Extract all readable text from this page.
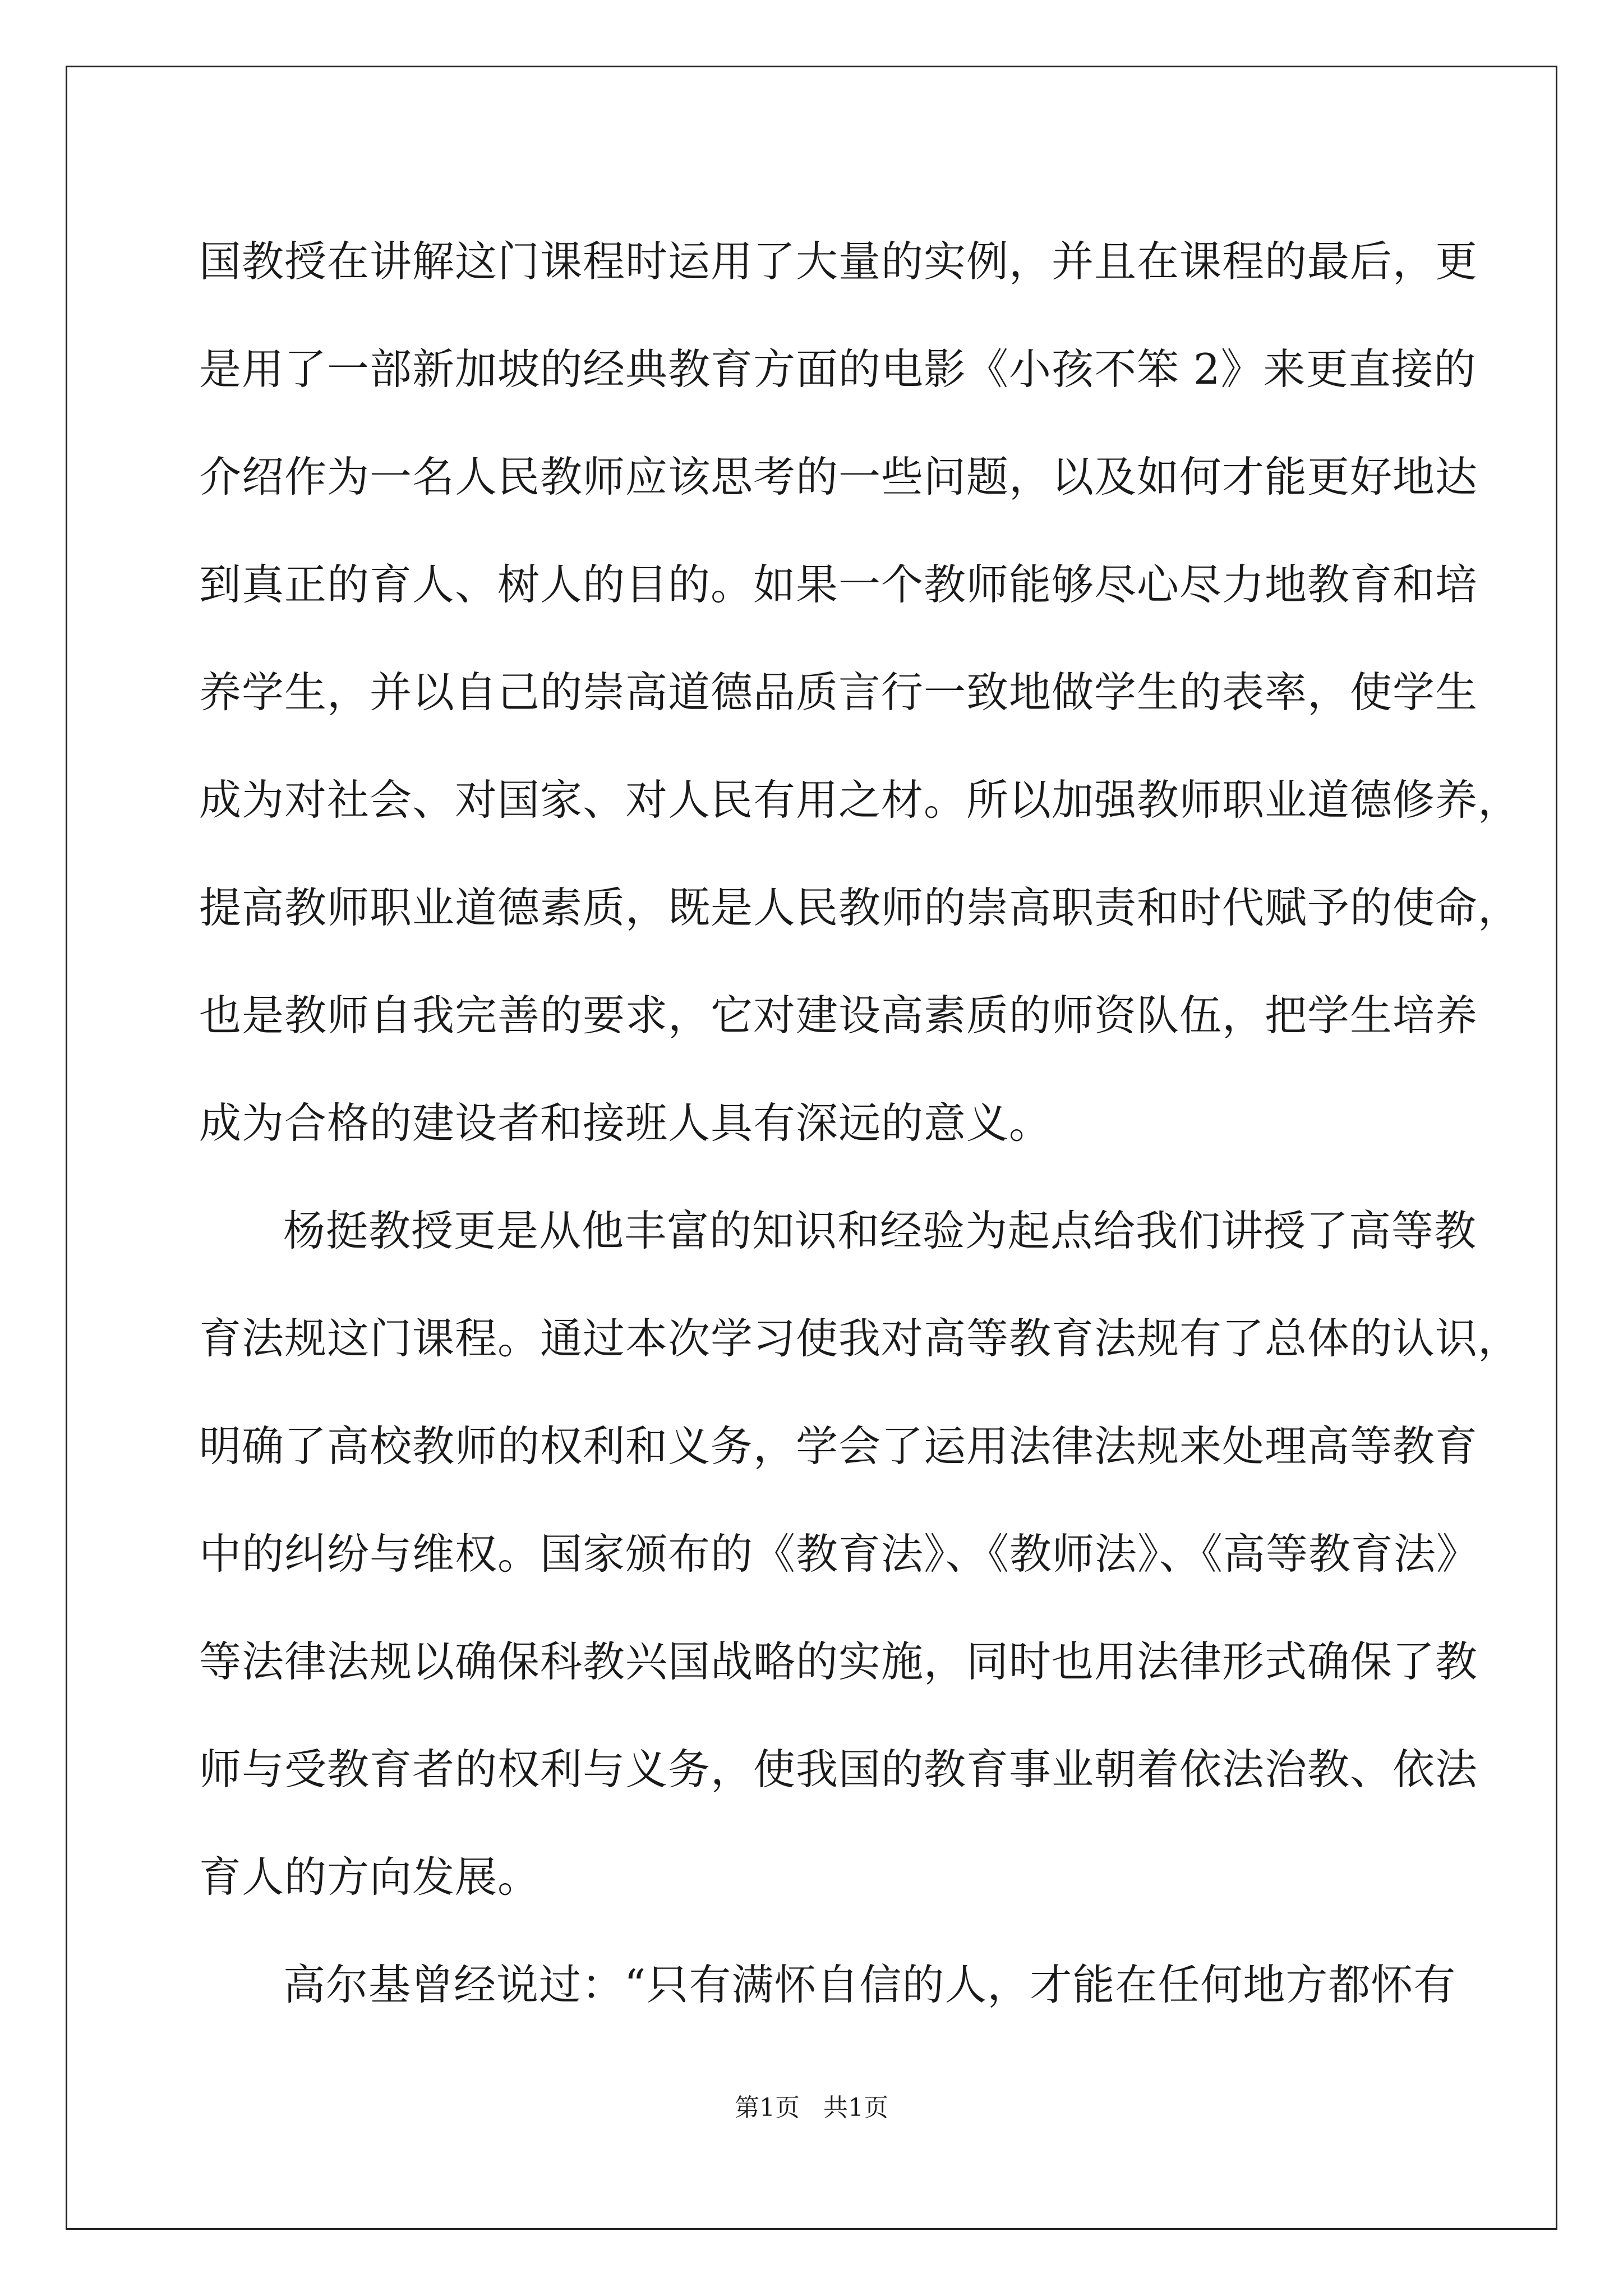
国教授在讲解这门课程时运用了大量的实例，并且在课程的最后，更
是用了一部新加坡的经典教育方面的电影《小孩不笨 2》来更直接的
介绍作为一名人民教师应该思考的一些问题，以及如何才能更好地达
到真正的育人、树人的目的。如果一个教师能够尽心尽力地教育和培
养学生，并以自己的崇高道德品质言行一致地做学生的表率，使学生
成为对社会、对国家、对人民有用之材。所以加强教师职业道德修养，
提高教师职业道德素质，既是人民教师的崇高职责和时代赋予的使命，
也是教师自我完善的要求，它对建设高素质的师资队伍，把学生培养
成为合格的建设者和接班人具有深远的意义。
杨挺教授更是从他丰富的知识和经验为起点给我们讲授了高等教
育法规这门课程。通过本次学习使我对高等教育法规有了总体的认识，
明确了高校教师的权利和义务，学会了运用法律法规来处理高等教育
中的纠纷与维权。国家颁布的《教育法》、《教师法》、《高等教育法》
等法律法规以确保科教兴国战略的实施，同时也用法律形式确保了教
师与受教育者的权利与义务，使我国的教育事业朝着依法治教、依法
育人的方向发展。
高尔基曾经说过：“只有满怀自信的人，才能在任何地方都怀有
第1页   共1页
